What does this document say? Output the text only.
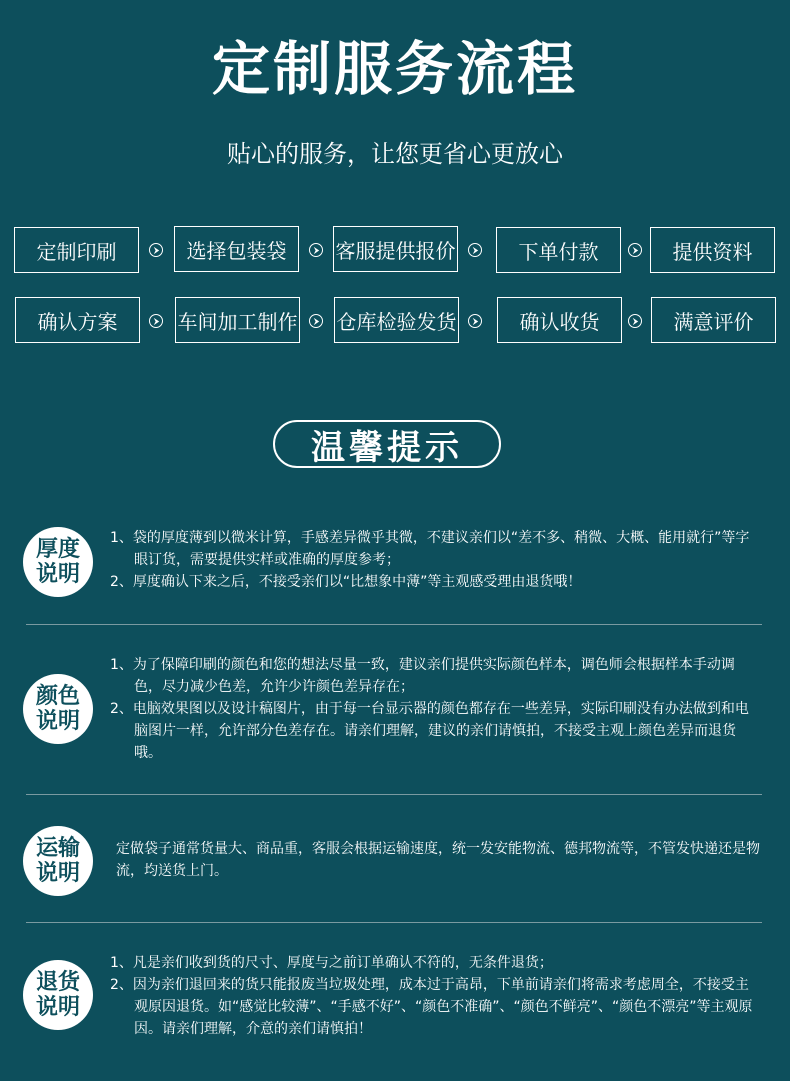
定制服务流程
贴心的服务，让您更省心更放心
定制印刷	选择包装袋	客服提供报价	下单付款	提供资料
确认方案	车间加工制作 仓库检验发货	确认收货	满意评价
温馨提示
厚度
说明

1、袋的厚度薄到以微米计算，手感差异微乎其微，不建议亲们以“差不多、稍微、大概、能用就行”等字眼订货，需要提供实样或准确的厚度参考；

2、厚度确认下来之后，不接受亲们以“比想象中薄”等主观感受理由退货哦！

颜色
说明

1、为了保障印刷的颜色和您的想法尽量一致，建议亲们提供实际颜色样本，调色师会根据样本手动调色，尽力减少色差，允许少许颜色差异存在；

2、电脑效果图以及设计稿图片，由于每一台显示器的颜色都存在一些差异，实际印刷没有办法做到和电脑图片一样，允许部分色差存在。请亲们理解，建议的亲们请慎拍，不接受主观上颜色差异而退货哦。

运输
说明

定做袋子通常货量大、商品重，客服会根据运输速度，统一发安能物流、德邦物流等，不管发快递还是物流，均送货上门。

退货
说明

1、凡是亲们收到货的尺寸、厚度与之前订单确认不符的，无条件退货；

2、因为亲们退回来的货只能报废当垃圾处理，成本过于高昂，下单前请亲们将需求考虑周全，不接受主观原因退货。如“感觉比较薄”、“手感不好”、“颜色不准确”、“颜色不鲜亮”、“颜色不漂亮”等主观原因。请亲们理解，介意的亲们请慎拍！
